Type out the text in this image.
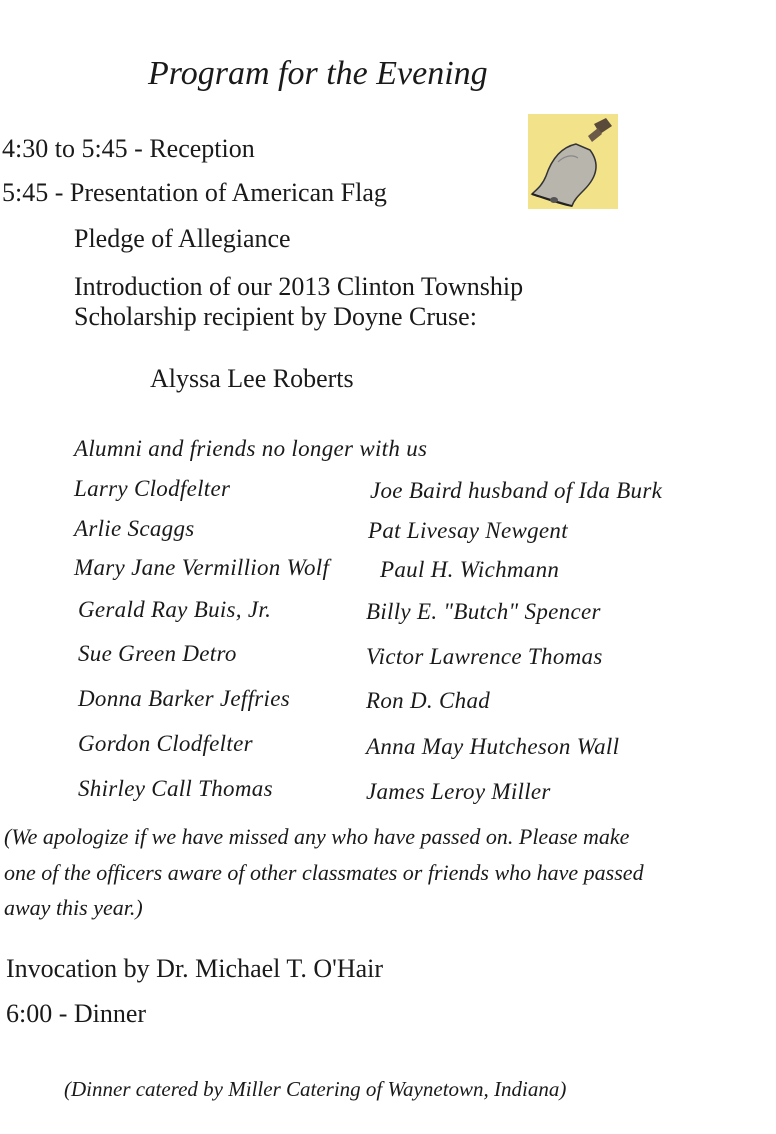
Program for the Evening
4:30 to 5:45 - Reception
5:45 - Presentation of American Flag
Pledge of Allegiance
Introduction of our 2013 Clinton Township
Scholarship recipient by Doyne Cruse:
Alyssa Lee Roberts
Alumni and friends no longer with us
Larry Clodfelter
Arlie Scaggs
Mary Jane Vermillion Wolf
Gerald Ray Buis, Jr.
Sue Green Detro
Donna Barker Jeffries
Gordon Clodfelter
Shirley Call Thomas
Joe Baird husband of Ida Burk
Pat Livesay Newgent
Paul H. Wichmann
Billy E. "Butch" Spencer
Victor Lawrence Thomas
Ron D. Chad
Anna May Hutcheson Wall
James Leroy Miller
(We apologize if we have missed any who have passed on. Please make
one of the officers aware of other classmates or friends who have passed
away this year.)
Invocation by Dr. Michael T. O'Hair
6:00 - Dinner
(Dinner catered by Miller Catering of Waynetown, Indiana)
